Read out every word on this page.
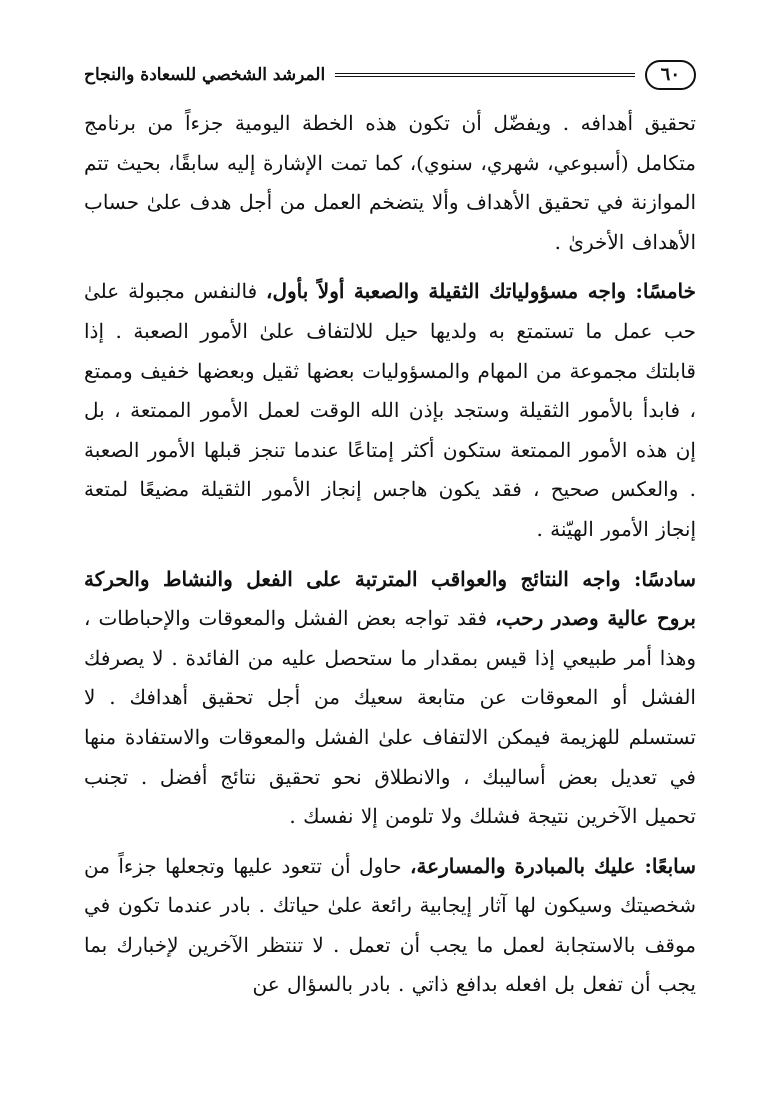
٦٠
المرشد الشخصي للسعادة والنجاح

تحقيق أهدافه . ويفضّل أن تكون هذه الخطة اليومية جزءاً من برنامج متكامل (أسبوعي، شهري، سنوي)، كما تمت الإشارة إليه سابقًا، بحيث تتم الموازنة في تحقيق الأهداف وألا يتضخم العمل من أجل هدف علىٰ حساب الأهداف الأخرىٰ .

خامسًا: واجه مسؤولياتك الثقيلة والصعبة أولاً بأول، فالنفس مجبولة علىٰ حب عمل ما تستمتع به ولديها حيل للالتفاف علىٰ الأمور الصعبة . إذا قابلتك مجموعة من المهام والمسؤوليات بعضها ثقيل وبعضها خفيف وممتع ، فابدأ بالأمور الثقيلة وستجد بإذن الله الوقت لعمل الأمور الممتعة ، بل إن هذه الأمور الممتعة ستكون أكثر إمتاعًا عندما تنجز قبلها الأمور الصعبة . والعكس صحيح ، فقد يكون هاجس إنجاز الأمور الثقيلة مضيعًا لمتعة إنجاز الأمور الهيّنة .

سادسًا: واجه النتائج والعواقب المترتبة على الفعل والنشاط والحركة بروح عالية وصدر رحب، فقد تواجه بعض الفشل والمعوقات والإحباطات ، وهذا أمر طبيعي إذا قيس بمقدار ما ستحصل عليه من الفائدة . لا يصرفك الفشل أو المعوقات عن متابعة سعيك من أجل تحقيق أهدافك . لا تستسلم للهزيمة فيمكن الالتفاف علىٰ الفشل والمعوقات والاستفادة منها في تعديل بعض أساليبك ، والانطلاق نحو تحقيق نتائج أفضل . تجنب تحميل الآخرين نتيجة فشلك ولا تلومن إلا نفسك .

سابعًا: عليك بالمبادرة والمسارعة، حاول أن تتعود عليها وتجعلها جزءاً من شخصيتك وسيكون لها آثار إيجابية رائعة علىٰ حياتك . بادر عندما تكون في موقف بالاستجابة لعمل ما يجب أن تعمل . لا تنتظر الآخرين لإخبارك بما يجب أن تفعل بل افعله بدافع ذاتي . بادر بالسؤال عن
